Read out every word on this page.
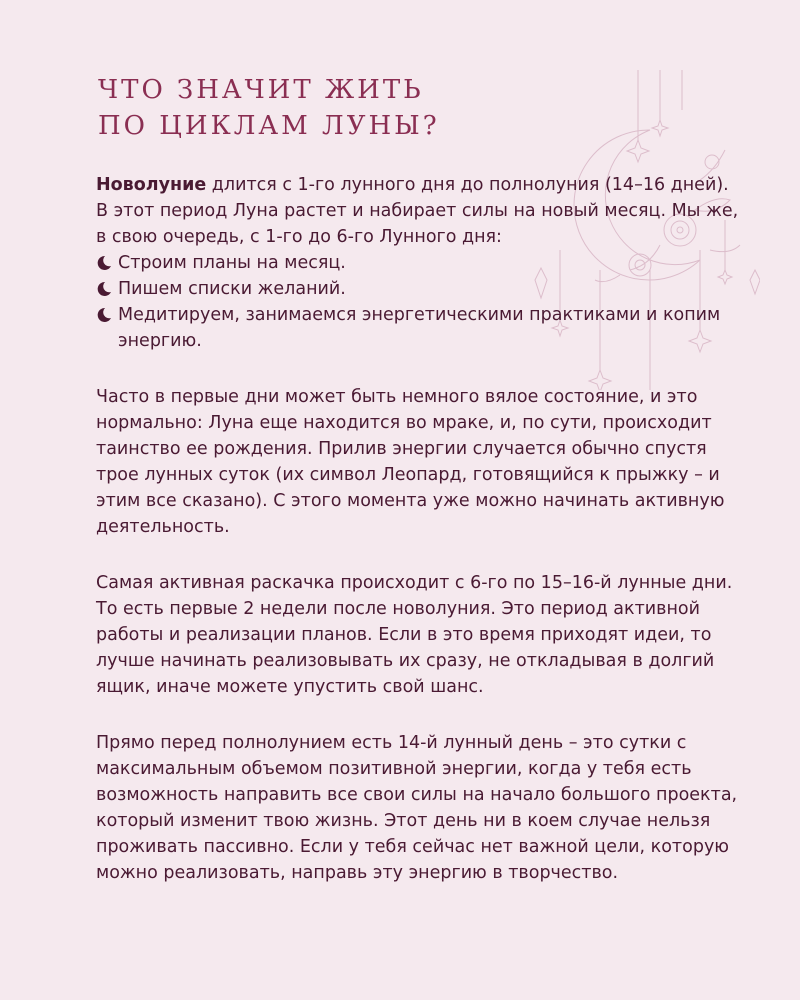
ЧТО ЗНАЧИТ ЖИТЬ
ПО ЦИКЛАМ ЛУНЫ?

Новолуние длится с 1-го лунного дня до полнолуния (14–16 дней). В этот период Луна растет и набирает силы на новый месяц. Мы же, в свою очередь, с 1-го до 6-го Лунного дня:

Строим планы на месяц.
Пишем списки желаний.
Медитируем, занимаемся энергетическими практиками и копим энергию.

Часто в первые дни может быть немного вялое состояние, и это нормально: Луна еще находится во мраке, и, по сути, происходит таинство ее рождения. Прилив энергии случается обычно спустя трое лунных суток (их символ Леопард, готовящийся к прыжку – и этим все сказано). С этого момента уже можно начинать активную деятельность.

Самая активная раскачка происходит с 6-го по 15–16-й лунные дни. То есть первые 2 недели после новолуния. Это период активной работы и реализации планов. Если в это время приходят идеи, то лучше начинать реализовывать их сразу, не откладывая в долгий ящик, иначе можете упустить свой шанс.

Прямо перед полнолунием есть 14-й лунный день – это сутки с максимальным объемом позитивной энергии, когда у тебя есть возможность направить все свои силы на начало большого проекта, который изменит твою жизнь. Этот день ни в коем случае нельзя проживать пассивно. Если у тебя сейчас нет важной цели, которую можно реализовать, направь эту энергию в творчество.
